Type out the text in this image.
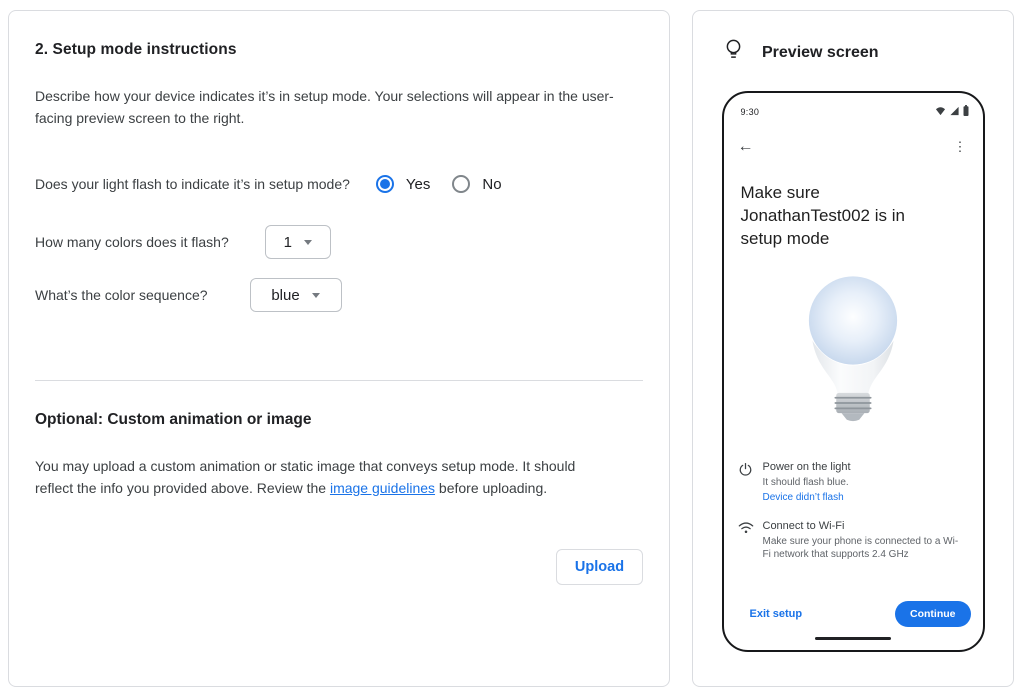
2. Setup mode instructions

Describe how your device indicates it’s in setup mode. Your selections will appear in the user-facing preview screen to the right.

Does your light flash to indicate it’s in setup mode?	Yes	No
How many colors does it flash?	1
What’s the color sequence?	blue
Optional: Custom animation or image

You may upload a custom animation or static image that conveys setup mode. It should reflect the info you provided above. Review the image guidelines before uploading.

Upload
Preview screen
9:30
←	⋮
Make sure JonathanTest002 is in setup mode
Power on the light
It should flash blue.
Device didn’t flash
Connect to Wi-Fi
Make sure your phone is connected to a Wi-Fi network that supports 2.4 GHz
Exit setup	Continue
